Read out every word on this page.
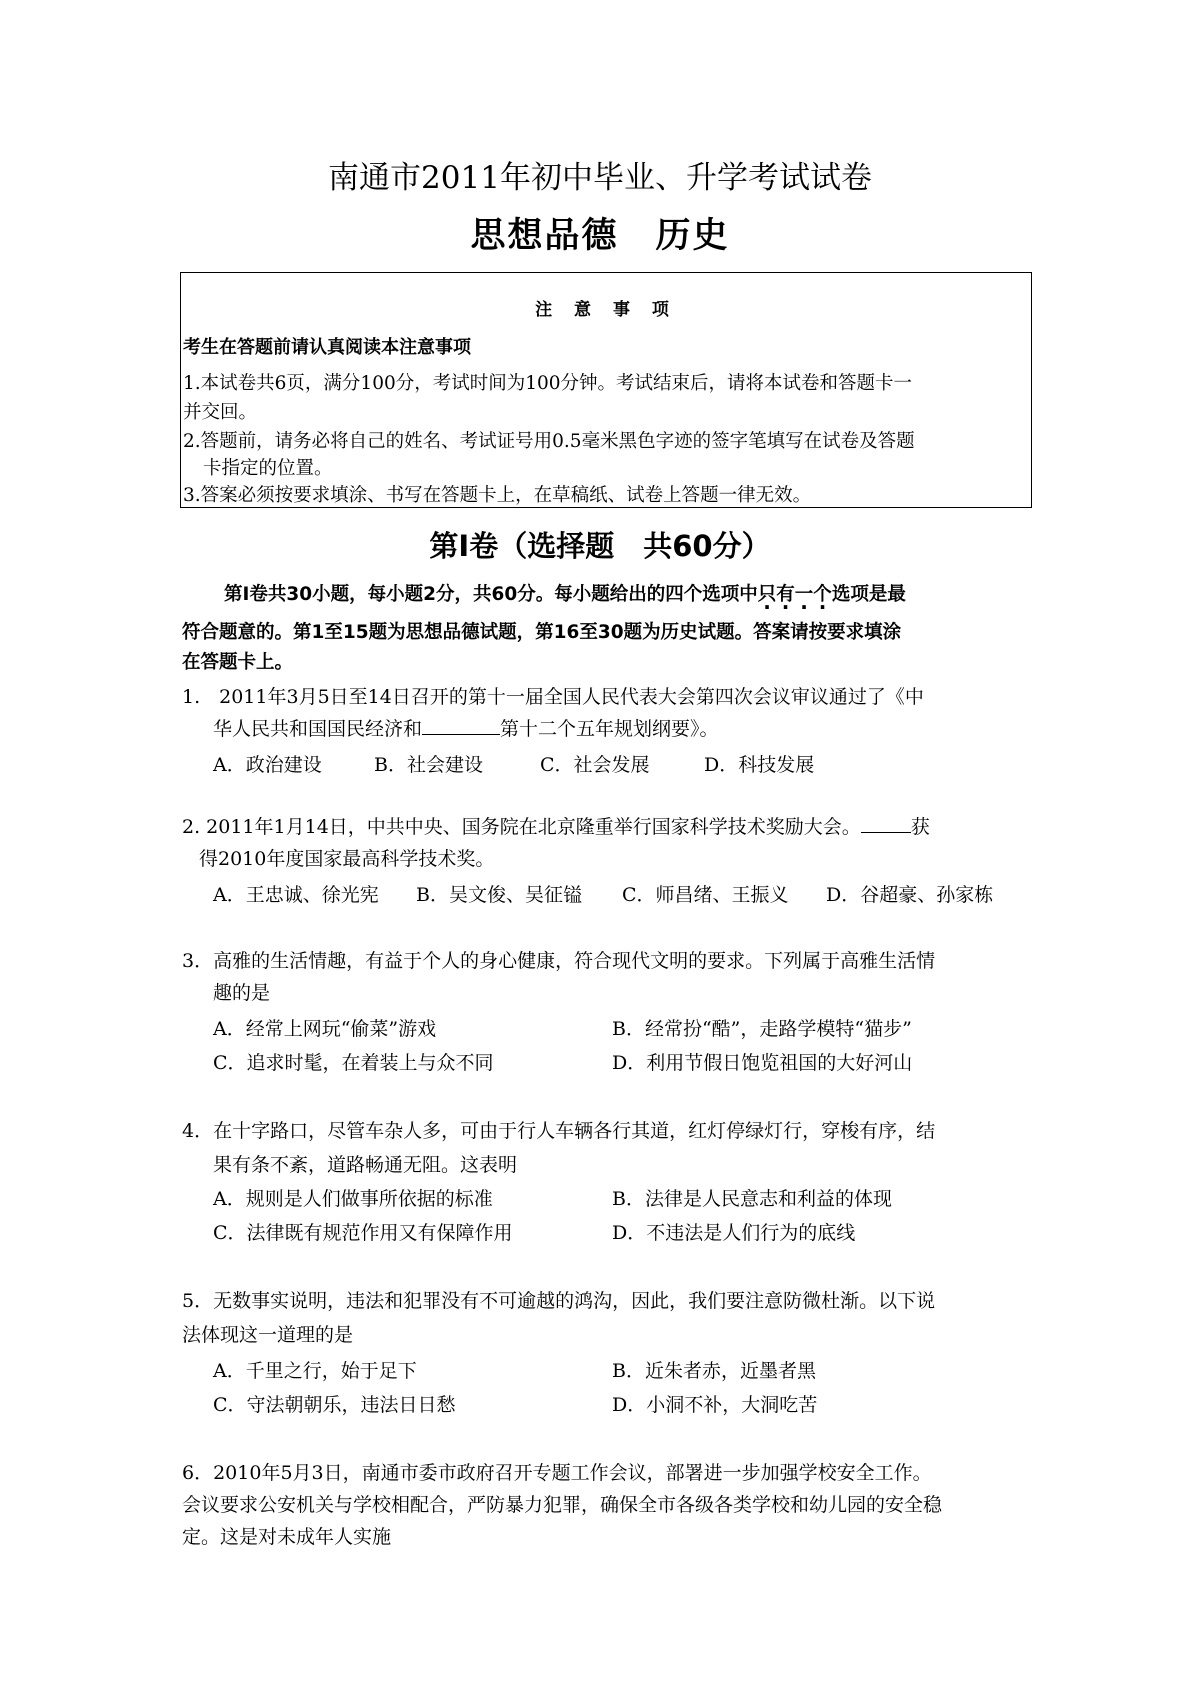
南通市2011年初中毕业、升学考试试卷
思想品德　历史
注 意 事 项
考生在答题前请认真阅读本注意事项
1.本试卷共6页，满分100分，考试时间为100分钟。考试结束后，请将本试卷和答题卡一
并交回。
2.答题前，请务必将自己的姓名、考试证号用0.5毫米黑色字迹的签字笔填写在试卷及答题
卡指定的位置。
3.答案必须按要求填涂、书写在答题卡上，在草稿纸、试卷上答题一律无效。
第Ⅰ卷（选择题　共60分）
第Ⅰ卷共30小题，每小题2分，共60分。每小题给出的四个选项中只有一个选项是最
符合题意的。第1至15题为思想品德试题，第16至30题为历史试题。答案请按要求填涂
在答题卡上。
1.　2011年3月5日至14日召开的第十一届全国人民代表大会第四次会议审议通过了《中
华人民共和国国民经济和	第十二个五年规划纲要》。
A．政治建设	B．社会建设	C．社会发展	D．科技发展
2. 2011年1月14日，中共中央、国务院在北京隆重举行国家科学技术奖励大会。	获
得2010年度国家最高科学技术奖。
A．王忠诚、徐光宪 B．吴文俊、吴征镒 C．师昌绪、王振义 D．谷超豪、孙家栋
3．高雅的生活情趣，有益于个人的身心健康，符合现代文明的要求。下列属于高雅生活情
趣的是
A．经常上网玩“偷菜”游戏	B．经常扮“酷”，走路学模特“猫步”
C．追求时髦，在着装上与众不同	D．利用节假日饱览祖国的大好河山
4．在十字路口，尽管车杂人多，可由于行人车辆各行其道，红灯停绿灯行，穿梭有序，结
果有条不紊，道路畅通无阻。这表明
A．规则是人们做事所依据的标准	B．法律是人民意志和利益的体现
C．法律既有规范作用又有保障作用	D．不违法是人们行为的底线
5．无数事实说明，违法和犯罪没有不可逾越的鸿沟，因此，我们要注意防微杜渐。以下说
法体现这一道理的是
A．千里之行，始于足下	B．近朱者赤，近墨者黑
C．守法朝朝乐，违法日日愁	D．小洞不补，大洞吃苦
6．2010年5月3日，南通市委市政府召开专题工作会议，部署进一步加强学校安全工作。
会议要求公安机关与学校相配合，严防暴力犯罪，确保全市各级各类学校和幼儿园的安全稳
定。这是对未成年人实施
